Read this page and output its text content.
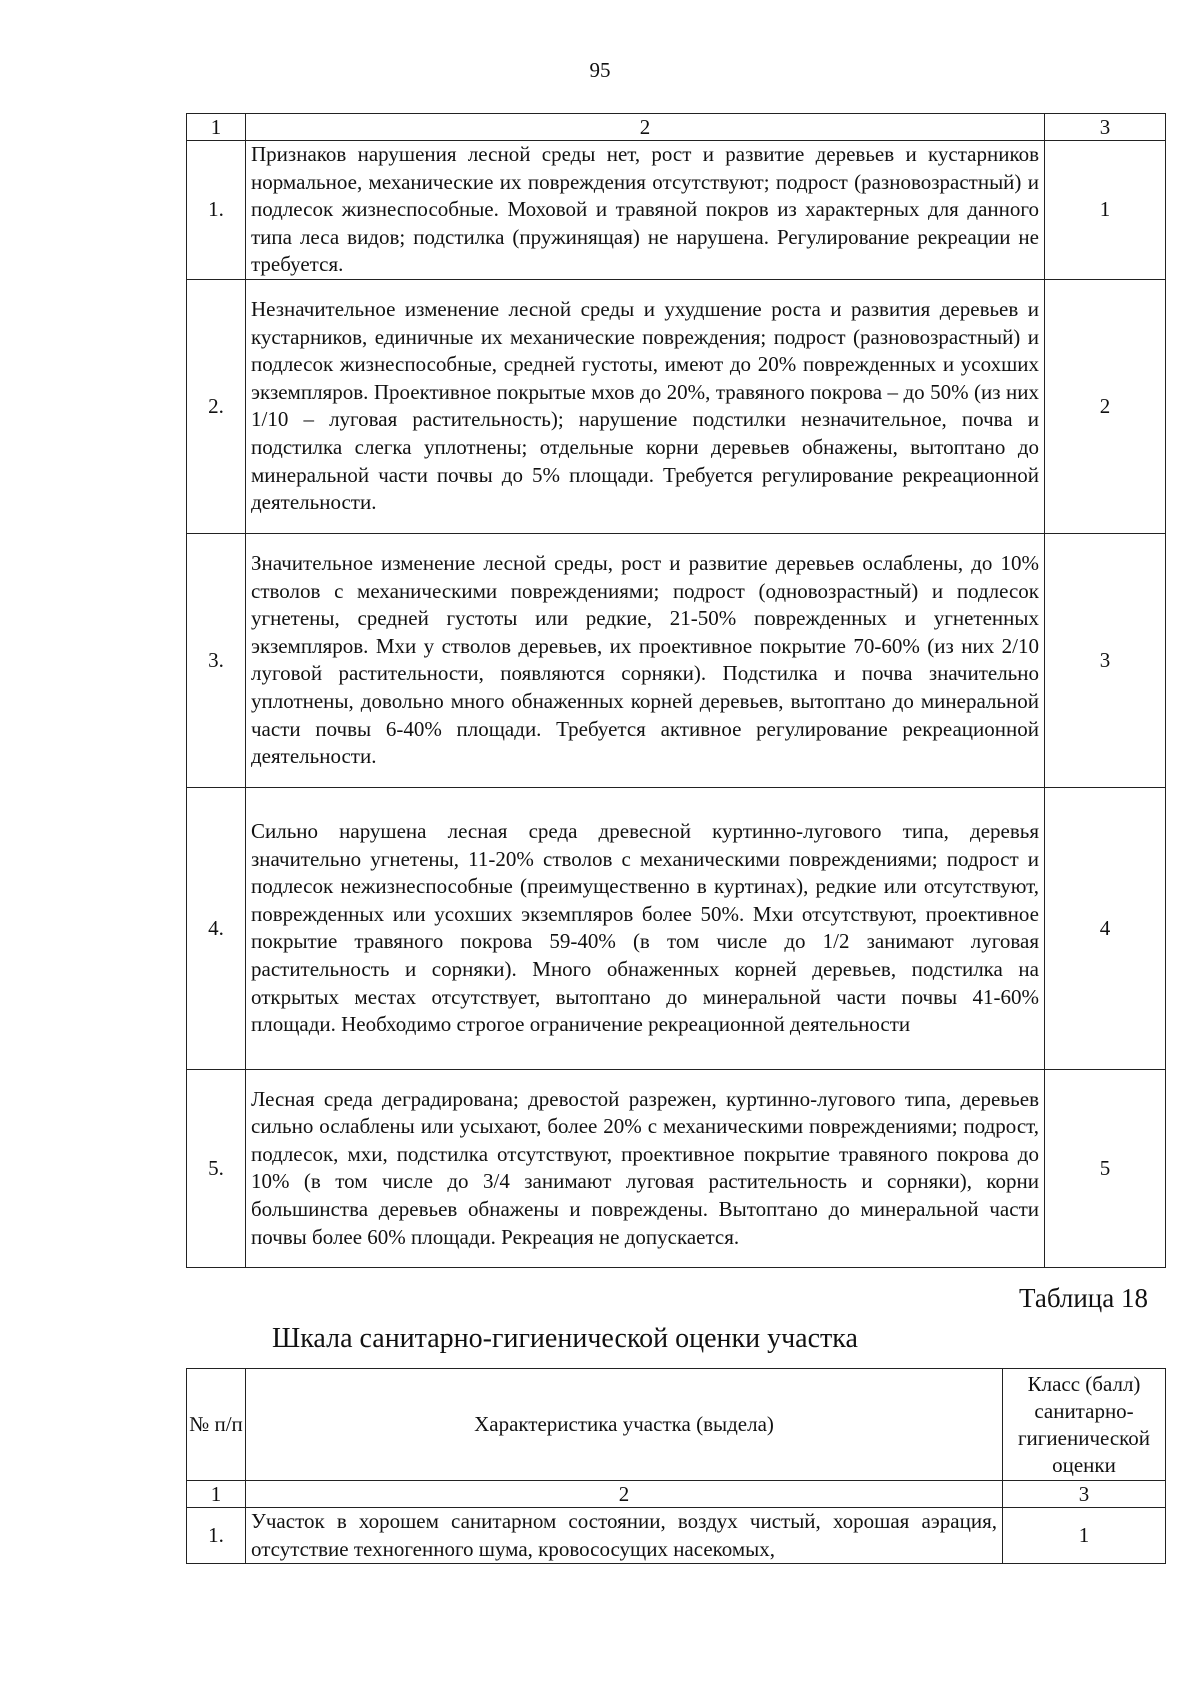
95
1	2	3
1.	Признаков нарушения лесной среды нет, рост и развитие деревьев и кустарников нормальное, механические их повреждения отсутствуют; подрост (разновозрастный) и подлесок жизнеспособные. Моховой и травяной покров из характерных для данного типа леса видов; подстилка (пружинящая) не нарушена. Регулирование рекреации не требуется.	1
2.	Незначительное изменение лесной среды и ухудшение роста и развития деревьев и кустарников, единичные их механические повреждения; подрост (разновозрастный) и подлесок жизнеспособные, средней густоты, имеют до 20% поврежденных и усохших экземпляров. Проективное покрытые мхов до 20%, травяного покрова – до 50% (из них 1/10 – луговая растительность); нарушение подстилки незначительное, почва и подстилка слегка уплотнены; отдельные корни деревьев обнажены, вытоптано до минеральной части почвы до 5% площади. Требуется регулирование рекреационной деятельности.	2
3.	Значительное изменение лесной среды, рост и развитие деревьев ослаблены, до 10% стволов с механическими повреждениями; подрост (одновозрастный) и подлесок угнетены, средней густоты или редкие, 21-50% поврежденных и угнетенных экземпляров. Мхи у стволов деревьев, их проективное покрытие 70-60% (из них 2/10 луговой растительности, появляются сорняки). Подстилка и почва значительно уплотнены, довольно много обнаженных корней деревьев, вытоптано до минеральной части почвы 6-40% площади. Требуется активное регулирование рекреационной деятельности.	3
4.	Сильно нарушена лесная среда древесной куртинно-лугового типа, деревья значительно угнетены, 11-20% стволов с механическими повреждениями; подрост и подлесок нежизнеспособные (преимущественно в куртинах), редкие или отсутствуют, поврежденных или усохших экземпляров более 50%. Мхи отсутствуют, проективное покрытие травяного покрова 59-40% (в том числе до 1/2 занимают луговая растительность и сорняки). Много обнаженных корней деревьев, подстилка на открытых местах отсутствует, вытоптано до минеральной части почвы 41-60% площади. Необходимо строгое ограничение рекреационной деятельности	4
5.	Лесная среда деградирована; древостой разрежен, куртинно-лугового типа, деревьев сильно ослаблены или усыхают, более 20% с механическими повреждениями; подрост, подлесок, мхи, подстилка отсутствуют, проективное покрытие травяного покрова до 10% (в том числе до 3/4 занимают луговая растительность и сорняки), корни большинства деревьев обнажены и повреждены. Вытоптано до минеральной части почвы более 60% площади. Рекреация не допускается.	5
Таблица 18
Шкала санитарно-гигиенической оценки участка
№ п/п	Характеристика участка (выдела)	Класс (балл) санитарно-гигиенической оценки
1	2	3
1.	Участок в хорошем санитарном состоянии, воздух чистый, хорошая аэрация, отсутствие техногенного шума, кровососущих насекомых,	1
